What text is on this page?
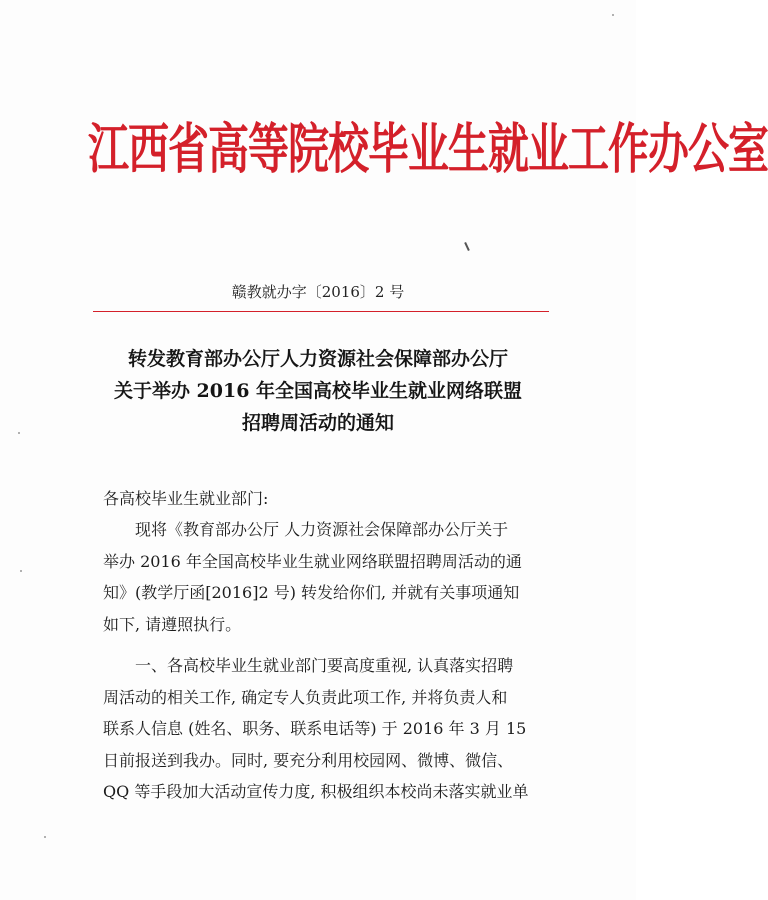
江西省高等院校毕业生就业工作办公室
赣教就办字〔2016〕2 号
转发教育部办公厅人力资源社会保障部办公厅
关于举办 2016 年全国高校毕业生就业网络联盟
招聘周活动的通知
各高校毕业生就业部门:
现将《教育部办公厅 人力资源社会保障部办公厅关于
举办 2016 年全国高校毕业生就业网络联盟招聘周活动的通
知》(教学厅函[2016]2 号) 转发给你们, 并就有关事项通知
如下, 请遵照执行。
一、各高校毕业生就业部门要高度重视, 认真落实招聘
周活动的相关工作, 确定专人负责此项工作, 并将负责人和
联系人信息 (姓名、职务、联系电话等) 于 2016 年 3 月 15
日前报送到我办。同时, 要充分利用校园网、微博、微信、
QQ 等手段加大活动宣传力度, 积极组织本校尚未落实就业单
